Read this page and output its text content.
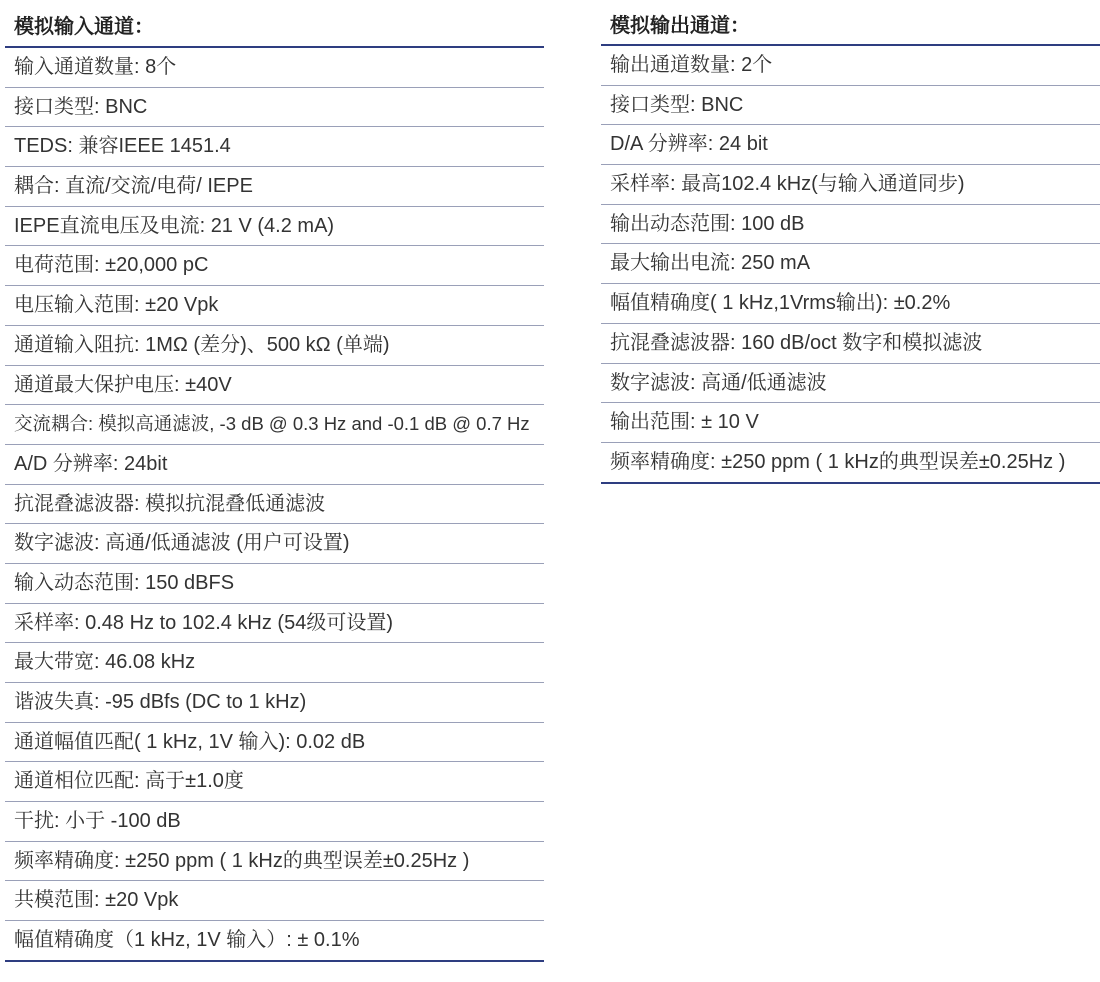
模拟输入通道：
输入通道数量: 8个
接口类型: BNC
TEDS: 兼容IEEE 1451.4
耦合: 直流/交流/电荷/ IEPE
IEPE直流电压及电流: 21 V (4.2 mA)
电荷范围: ±20,000 pC
电压输入范围: ±20 Vpk
通道输入阻抗: 1MΩ (差分)、500 kΩ (单端)
通道最大保护电压: ±40V
交流耦合: 模拟高通滤波, -3 dB @ 0.3 Hz and -0.1 dB @ 0.7 Hz
A/D 分辨率: 24bit
抗混叠滤波器: 模拟抗混叠低通滤波
数字滤波: 高通/低通滤波 (用户可设置)
输入动态范围: 150 dBFS
采样率: 0.48 Hz to 102.4 kHz (54级可设置)
最大带宽: 46.08 kHz
谐波失真: -95 dBfs (DC to 1 kHz)
通道幅值匹配( 1 kHz, 1V 输入): 0.02 dB
通道相位匹配: 高于±1.0度
干扰: 小于 -100 dB
频率精确度: ±250 ppm ( 1 kHz的典型误差±0.25Hz )
共模范围: ±20 Vpk
幅值精确度（1 kHz, 1V 输入）: ± 0.1%
模拟输出通道：
输出通道数量: 2个
接口类型: BNC
D/A 分辨率: 24 bit
采样率: 最高102.4 kHz(与输入通道同步)
输出动态范围: 100 dB
最大输出电流: 250 mA
幅值精确度( 1 kHz,1Vrms输出): ±0.2%
抗混叠滤波器: 160 dB/oct 数字和模拟滤波
数字滤波: 高通/低通滤波
输出范围: ± 10 V
频率精确度: ±250 ppm ( 1 kHz的典型误差±0.25Hz )
